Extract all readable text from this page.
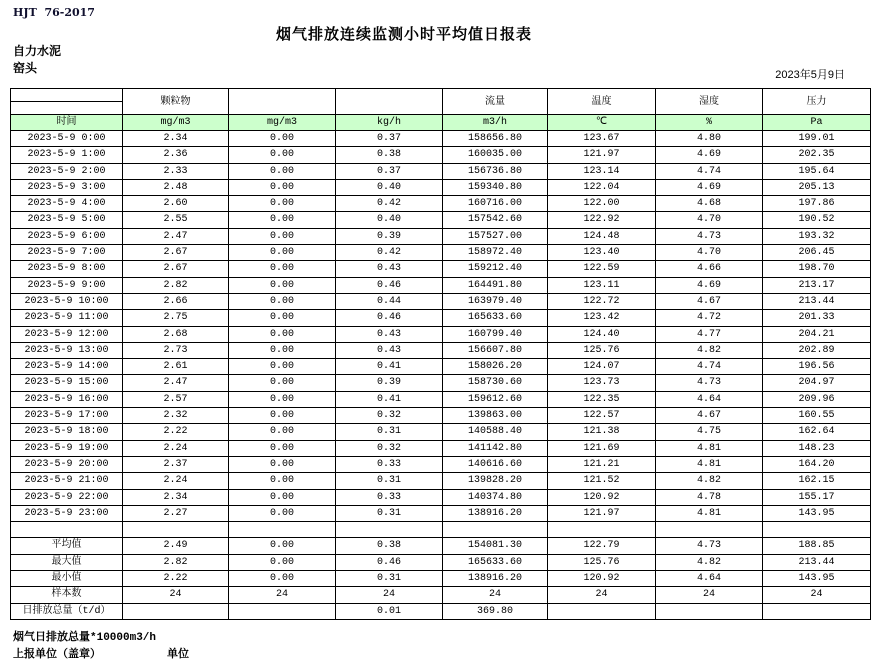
HJT  76-2017
烟气排放连续监测小时平均值日报表
自力水泥
窑头	2023年5月9日
	颗粒物			流量	温度	湿度	压力

时间	mg/m3	mg/m3	kg/h	m3/h	℃	%	Pa
2023-5-9 0:00	2.34	0.00	0.37	158656.80	123.67	4.80	199.01
2023-5-9 1:00	2.36	0.00	0.38	160035.00	121.97	4.69	202.35
2023-5-9 2:00	2.33	0.00	0.37	156736.80	123.14	4.74	195.64
2023-5-9 3:00	2.48	0.00	0.40	159340.80	122.04	4.69	205.13
2023-5-9 4:00	2.60	0.00	0.42	160716.00	122.00	4.68	197.86
2023-5-9 5:00	2.55	0.00	0.40	157542.60	122.92	4.70	190.52
2023-5-9 6:00	2.47	0.00	0.39	157527.00	124.48	4.73	193.32
2023-5-9 7:00	2.67	0.00	0.42	158972.40	123.40	4.70	206.45
2023-5-9 8:00	2.67	0.00	0.43	159212.40	122.59	4.66	198.70
2023-5-9 9:00	2.82	0.00	0.46	164491.80	123.11	4.69	213.17
2023-5-9 10:00	2.66	0.00	0.44	163979.40	122.72	4.67	213.44
2023-5-9 11:00	2.75	0.00	0.46	165633.60	123.42	4.72	201.33
2023-5-9 12:00	2.68	0.00	0.43	160799.40	124.40	4.77	204.21
2023-5-9 13:00	2.73	0.00	0.43	156607.80	125.76	4.82	202.89
2023-5-9 14:00	2.61	0.00	0.41	158026.20	124.07	4.74	196.56
2023-5-9 15:00	2.47	0.00	0.39	158730.60	123.73	4.73	204.97
2023-5-9 16:00	2.57	0.00	0.41	159612.60	122.35	4.64	209.96
2023-5-9 17:00	2.32	0.00	0.32	139863.00	122.57	4.67	160.55
2023-5-9 18:00	2.22	0.00	0.31	140588.40	121.38	4.75	162.64
2023-5-9 19:00	2.24	0.00	0.32	141142.80	121.69	4.81	148.23
2023-5-9 20:00	2.37	0.00	0.33	140616.60	121.21	4.81	164.20
2023-5-9 21:00	2.24	0.00	0.31	139828.20	121.52	4.82	162.15
2023-5-9 22:00	2.34	0.00	0.33	140374.80	120.92	4.78	155.17
2023-5-9 23:00	2.27	0.00	0.31	138916.20	121.97	4.81	143.95

平均值	2.49	0.00	0.38	154081.30	122.79	4.73	188.85
最大值	2.82	0.00	0.46	165633.60	125.76	4.82	213.44
最小值	2.22	0.00	0.31	138916.20	120.92	4.64	143.95
样本数	24	24	24	24	24	24	24
日排放总量（t/d）			0.01	369.80			
烟气日排放总量*10000m3/h
上报单位（盖章）	单位
